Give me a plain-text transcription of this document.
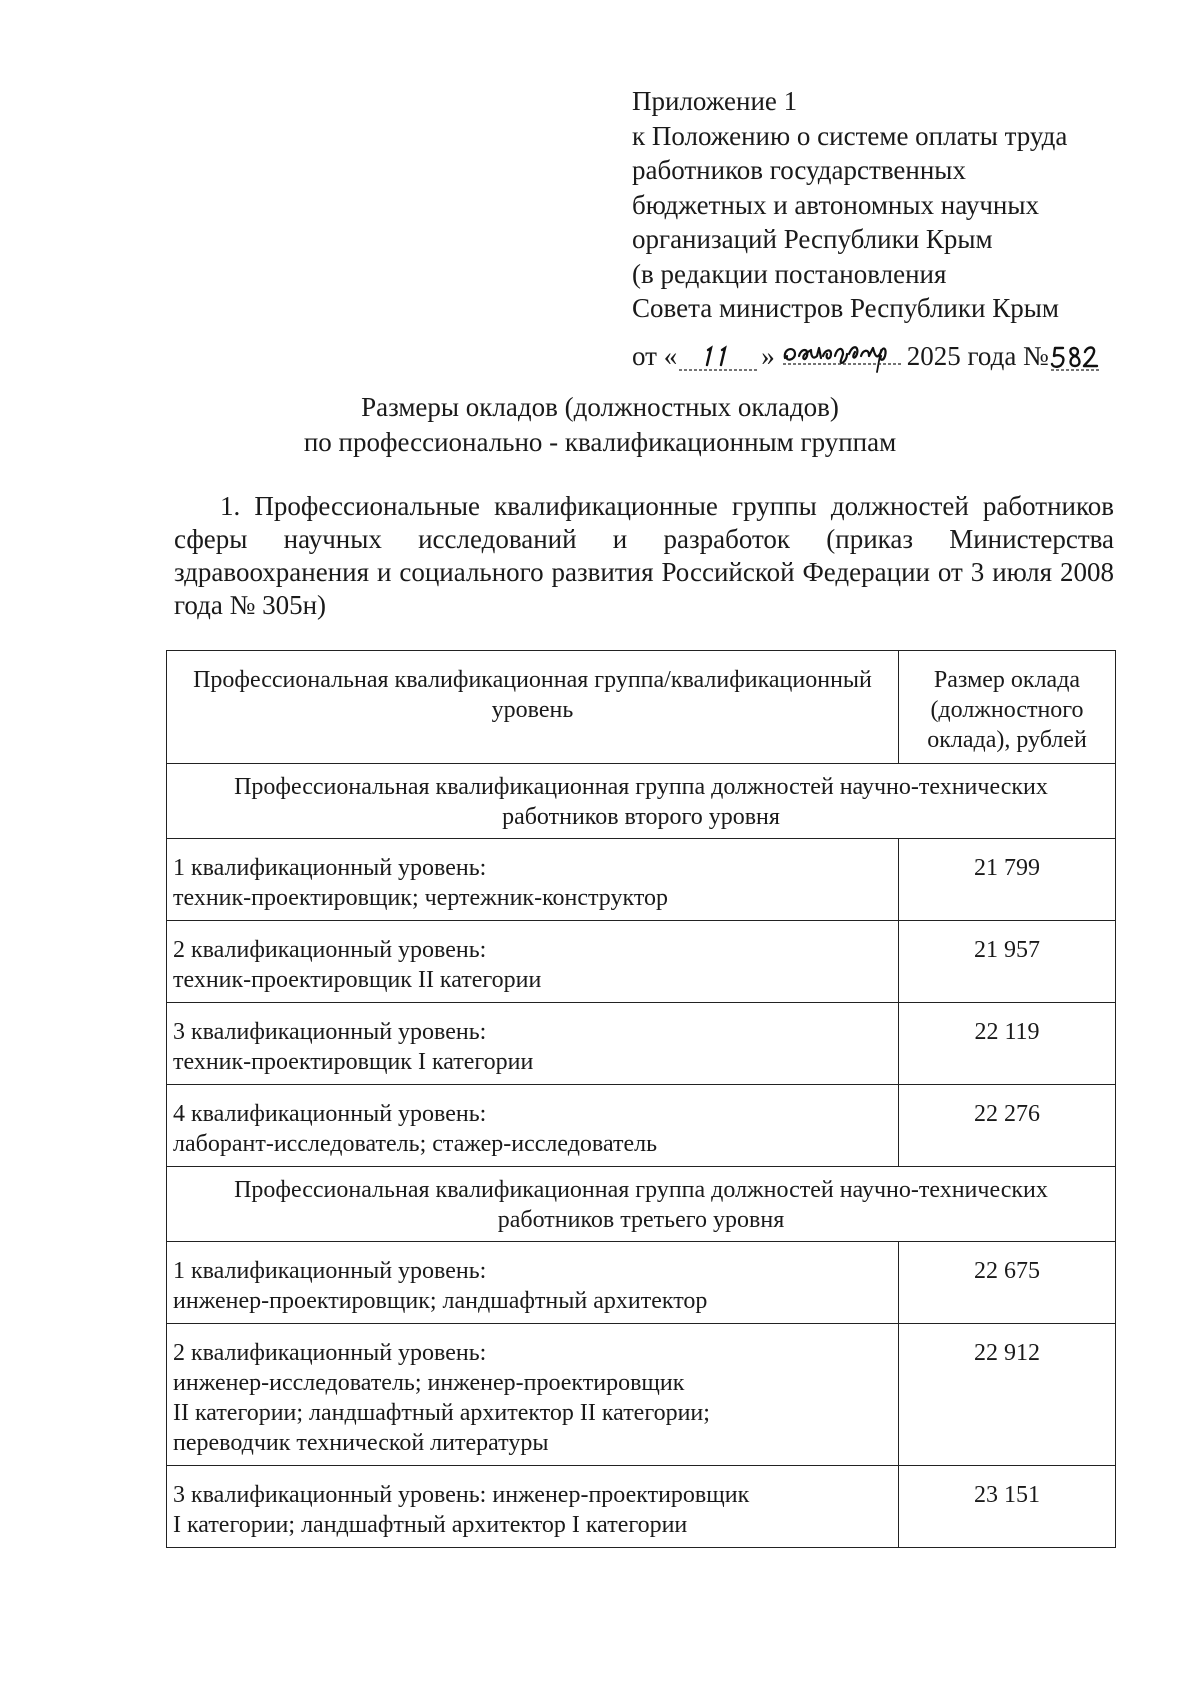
Приложение 1
к Положению о системе оплаты труда
работников государственных
бюджетных и автономных научных
организаций Республики Крым
(в редакции постановления
Совета министров Республики Крым
от «	»	2025 года №
Размеры окладов (должностных окладов)
по профессионально - квалификационным группам
1. Профессиональные квалификационные группы должностей работников сферы научных исследований и разработок (приказ Министерства здравоохранения и социального развития Российской Федерации от 3 июля 2008 года № 305н)
Профессиональная квалификационная группа/квалификационный уровень	Размер оклада (должностного оклада), рублей
Профессиональная квалификационная группа должностей научно-технических работников второго уровня	

1 квалификационный уровень:
техник-проектировщик; чертежник-конструктор	21 799

2 квалификационный уровень:
техник-проектировщик II категории	21 957

3 квалификационный уровень:
техник-проектировщик I категории	22 119

4 квалификационный уровень:
лаборант-исследователь; стажер-исследователь	22 276
Профессиональная квалификационная группа должностей научно-технических работников третьего уровня	

1 квалификационный уровень:
инженер-проектировщик; ландшафтный архитектор	22 675

2 квалификационный уровень:
инженер-исследователь; инженер-проектировщик
II категории; ландшафтный архитектор II категории;
переводчик технической литературы	22 912

3 квалификационный уровень: инженер-проектировщик
I категории; ландшафтный архитектор I категории	23 151
